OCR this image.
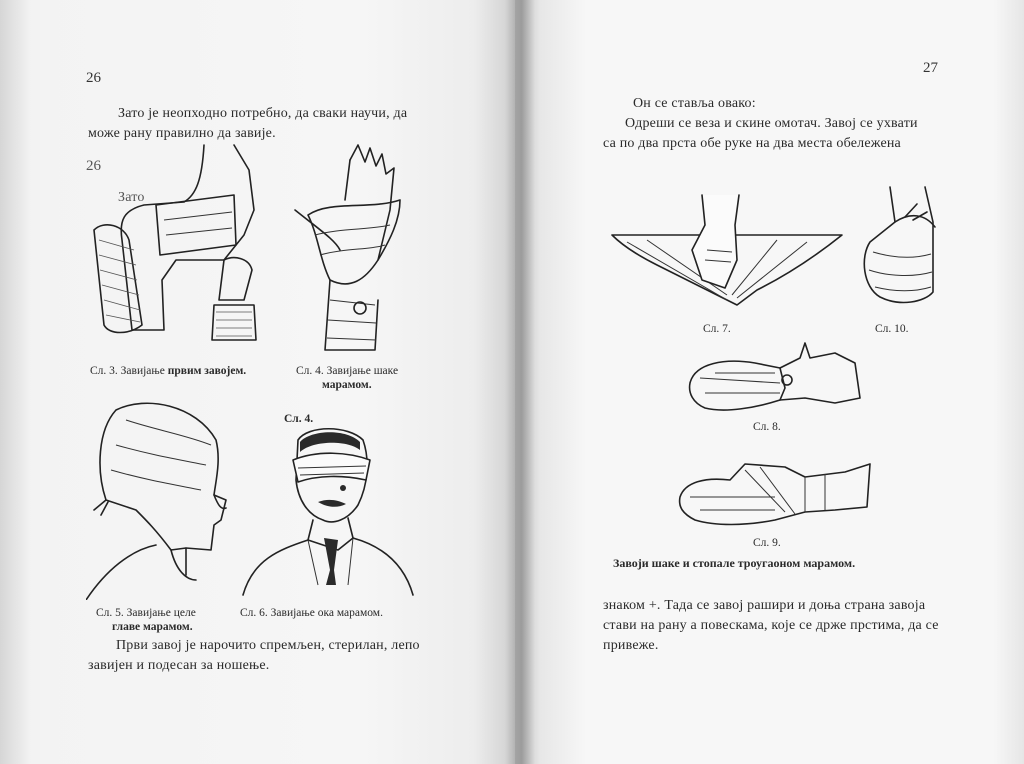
26
Зато је неопходно потребно, да сваки научи, да
може рану правилно да завије.
26
Зато
Сл. 3. Завијање првим завојем.	Сл. 4. Завијање шаке
марамом.
Сл. 4.
Сл. 5. Завијање целе
главе марамом.
Сл. 6. Завијање ока марамом.
Први завој је нарочито спремљен, стерилан, лепо
завијен и подесан за ношење.
27
Он се ставља овако:
Одреши се веза и скине омотач. Завој се ухвати
са по два прста обе руке на два места обележена
Сл. 7.	Сл. 10.
Сл. 8.
Сл. 9.
Завоји шаке и стопале троугаоном марамом.
знаком +. Тада се завој рашири и доња страна завоја
стави на рану а повескама, које се држе прстима, да се
привеже.
